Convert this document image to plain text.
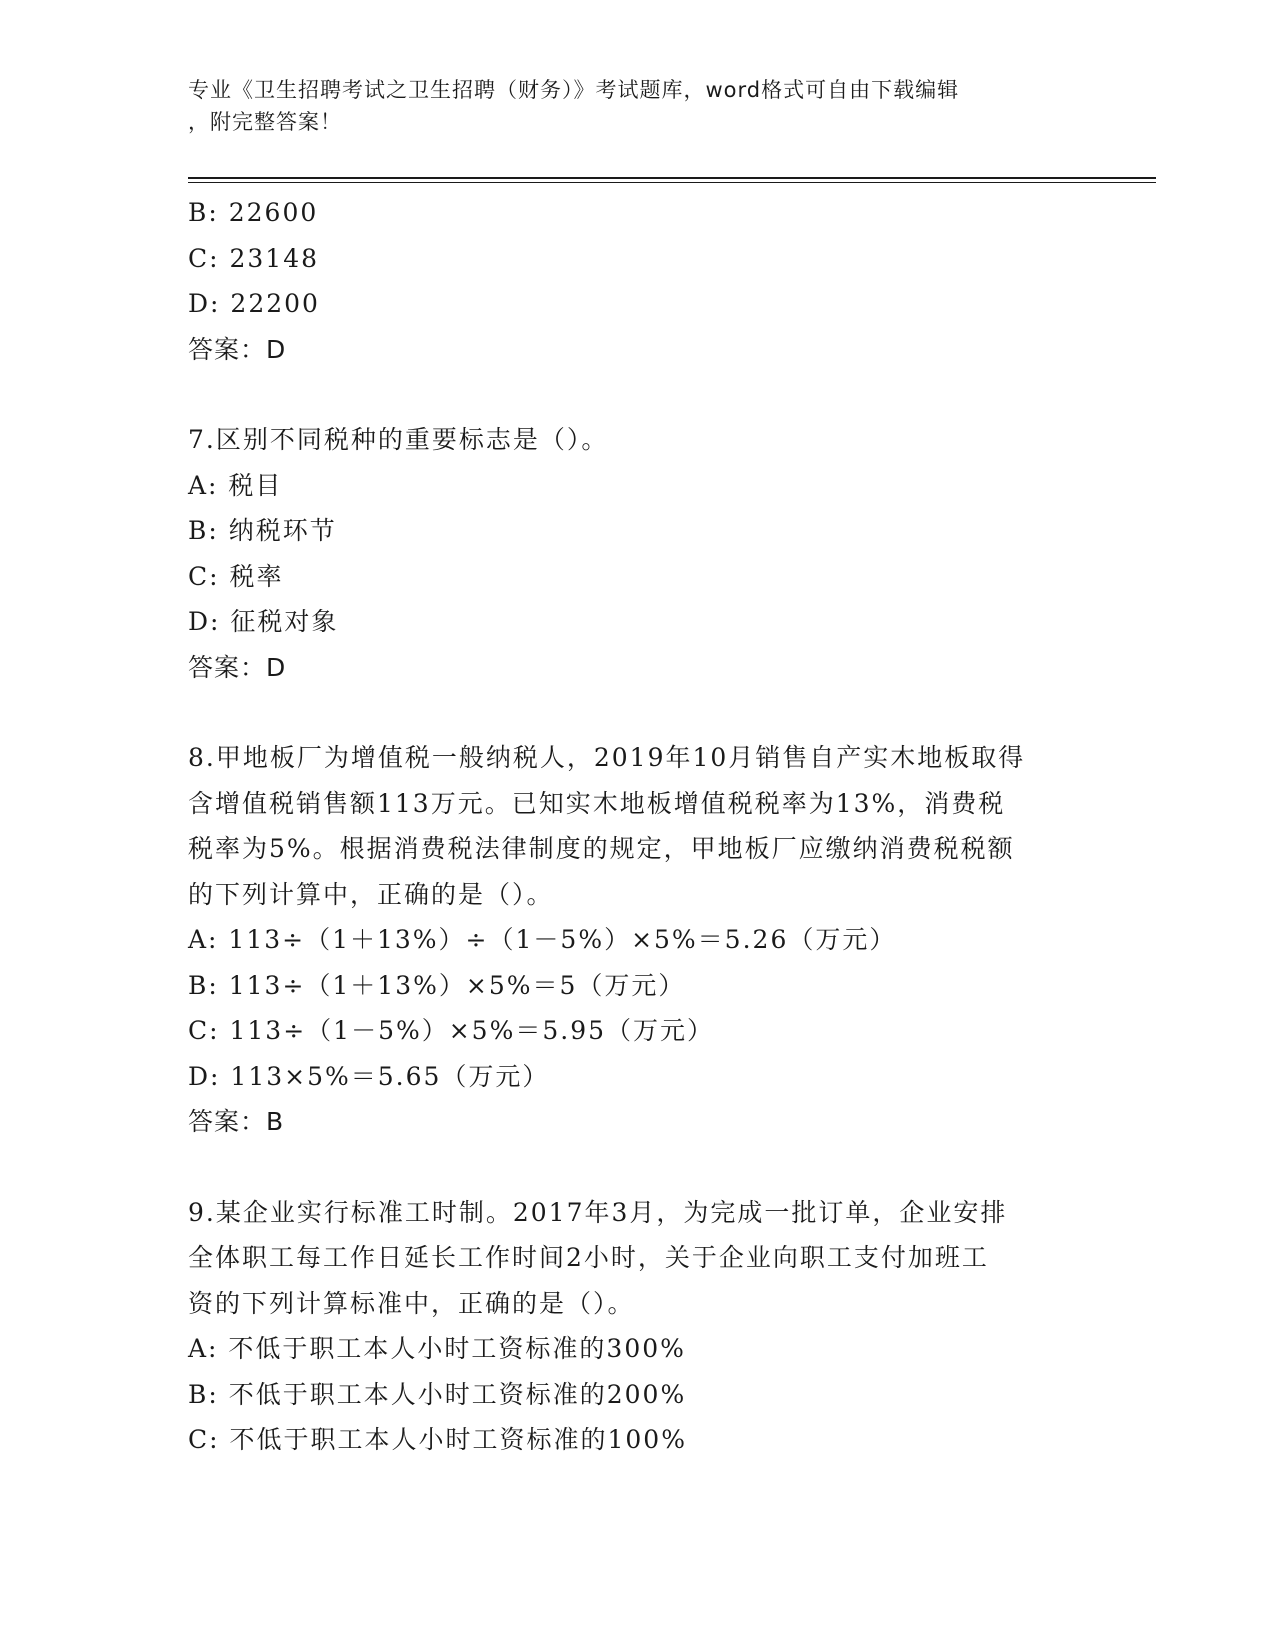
专业《卫生招聘考试之卫生招聘（财务）》考试题库，word格式可自由下载编辑
，附完整答案！
B: 22600
C: 23148
D: 22200
答案：D
7.区别不同税种的重要标志是（）。
A: 税目
B: 纳税环节
C: 税率
D: 征税对象
答案：D
8.甲地板厂为增值税一般纳税人，2019年10月销售自产实木地板取得
含增值税销售额113万元。已知实木地板增值税税率为13%，消费税
税率为5%。根据消费税法律制度的规定，甲地板厂应缴纳消费税税额
的下列计算中，正确的是（）。
A: 113÷（1＋13%）÷（1－5%）×5%＝5.26（万元）
B: 113÷（1＋13%）×5%＝5（万元）
C: 113÷（1－5%）×5%＝5.95（万元）
D: 113×5%＝5.65（万元）
答案：B
9.某企业实行标准工时制。2017年3月，为完成一批订单，企业安排
全体职工每工作日延长工作时间2小时，关于企业向职工支付加班工
资的下列计算标准中，正确的是（）。
A: 不低于职工本人小时工资标准的300%
B: 不低于职工本人小时工资标准的200%
C: 不低于职工本人小时工资标准的100%
